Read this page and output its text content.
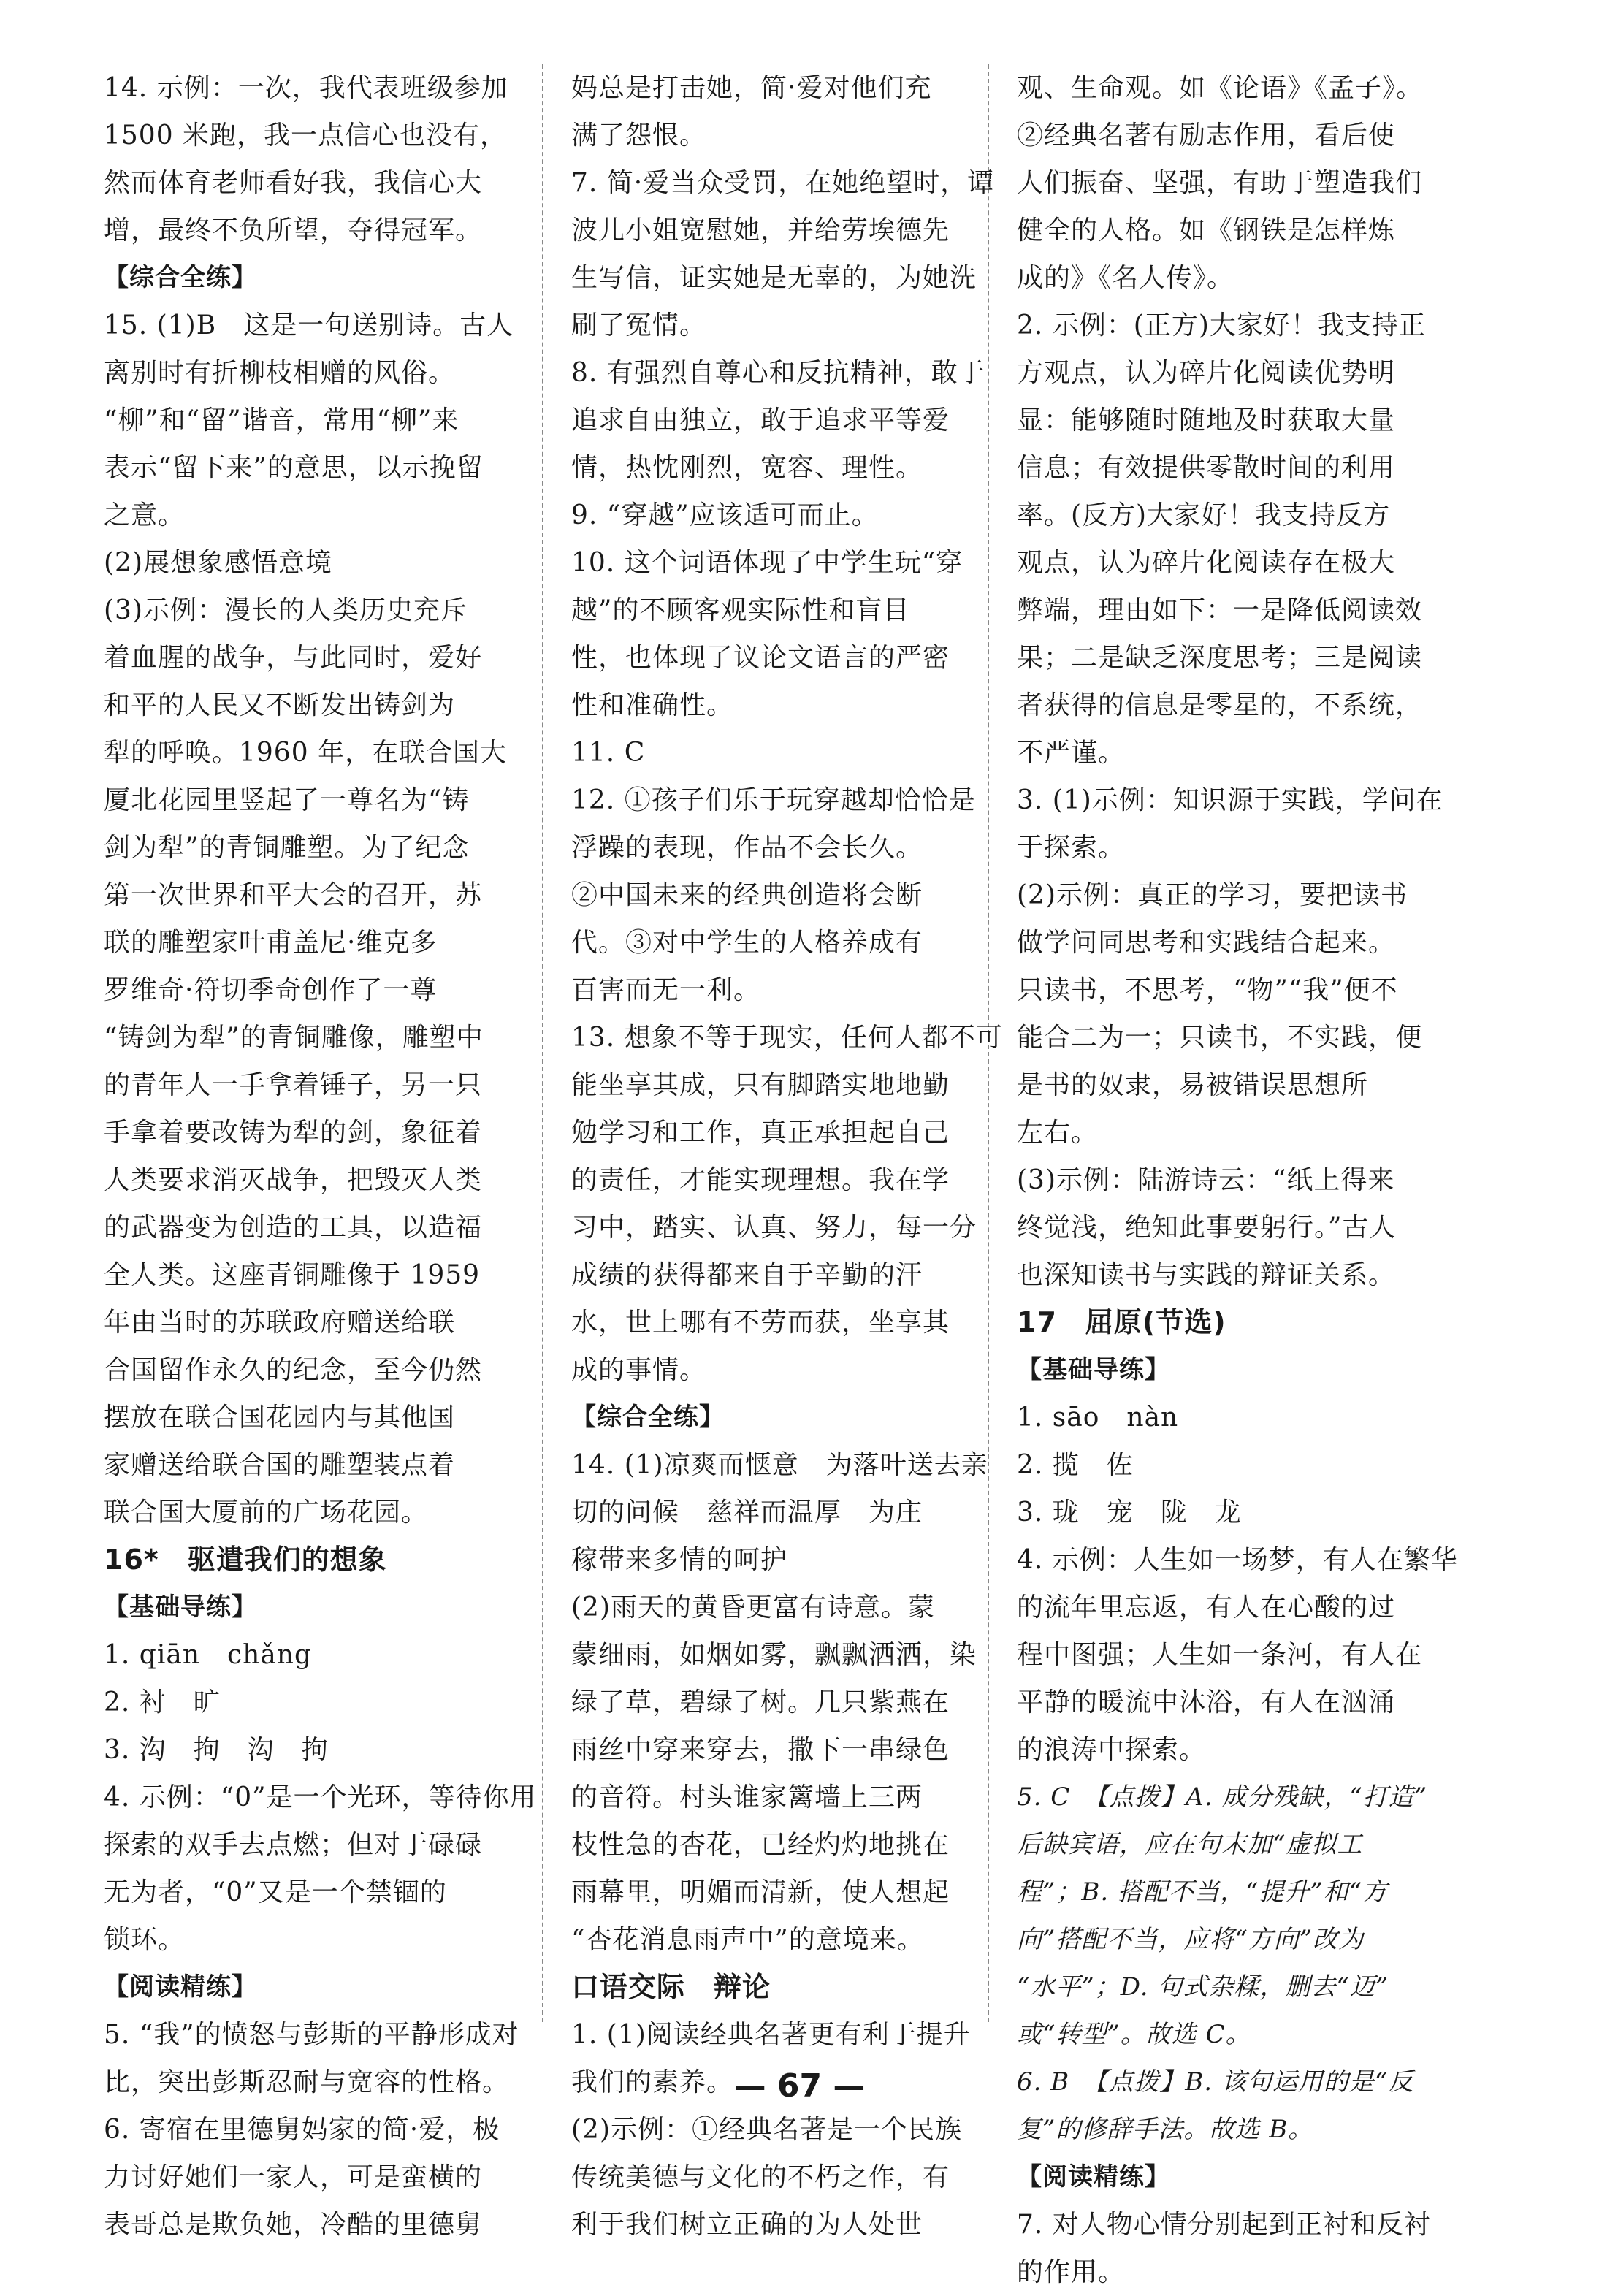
14. 示例：一次，我代表班级参加
1500 米跑，我一点信心也没有，
然而体育老师看好我，我信心大
增，最终不负所望，夺得冠军。
【综合全练】
15. (1)B　这是一句送别诗。古人
离别时有折柳枝相赠的风俗。
“柳”和“留”谐音，常用“柳”来
表示“留下来”的意思，以示挽留
之意。
(2)展想象感悟意境
(3)示例：漫长的人类历史充斥
着血腥的战争，与此同时，爱好
和平的人民又不断发出铸剑为
犁的呼唤。1960 年，在联合国大
厦北花园里竖起了一尊名为“铸
剑为犁”的青铜雕塑。为了纪念
第一次世界和平大会的召开，苏
联的雕塑家叶甫盖尼·维克多
罗维奇·符切季奇创作了一尊
“铸剑为犁”的青铜雕像，雕塑中
的青年人一手拿着锤子，另一只
手拿着要改铸为犁的剑，象征着
人类要求消灭战争，把毁灭人类
的武器变为创造的工具，以造福
全人类。这座青铜雕像于 1959
年由当时的苏联政府赠送给联
合国留作永久的纪念，至今仍然
摆放在联合国花园内与其他国
家赠送给联合国的雕塑装点着
联合国大厦前的广场花园。
16*　驱遣我们的想象
【基础导练】
1. qiān　chǎng
2. 衬　旷
3. 沟　拘　沟　拘
4. 示例：“0”是一个光环，等待你用
探索的双手去点燃；但对于碌碌
无为者，“0”又是一个禁锢的
锁环。
【阅读精练】
5. “我”的愤怒与彭斯的平静形成对
比，突出彭斯忍耐与宽容的性格。
6. 寄宿在里德舅妈家的简·爱，极
力讨好她们一家人，可是蛮横的
表哥总是欺负她，冷酷的里德舅
妈总是打击她，简·爱对他们充
满了怨恨。
7. 简·爱当众受罚，在她绝望时，谭
波儿小姐宽慰她，并给劳埃德先
生写信，证实她是无辜的，为她洗
刷了冤情。
8. 有强烈自尊心和反抗精神，敢于
追求自由独立，敢于追求平等爱
情，热忱刚烈，宽容、理性。
9. “穿越”应该适可而止。
10. 这个词语体现了中学生玩“穿
越”的不顾客观实际性和盲目
性，也体现了议论文语言的严密
性和准确性。
11. C
12. ①孩子们乐于玩穿越却恰恰是
浮躁的表现，作品不会长久。
②中国未来的经典创造将会断
代。③对中学生的人格养成有
百害而无一利。
13. 想象不等于现实，任何人都不可
能坐享其成，只有脚踏实地地勤
勉学习和工作，真正承担起自己
的责任，才能实现理想。我在学
习中，踏实、认真、努力，每一分
成绩的获得都来自于辛勤的汗
水，世上哪有不劳而获，坐享其
成的事情。
【综合全练】
14. (1)凉爽而惬意　为落叶送去亲
切的问候　慈祥而温厚　为庄
稼带来多情的呵护
(2)雨天的黄昏更富有诗意。蒙
蒙细雨，如烟如雾，飘飘洒洒，染
绿了草，碧绿了树。几只紫燕在
雨丝中穿来穿去，撒下一串绿色
的音符。村头谁家篱墙上三两
枝性急的杏花，已经灼灼地挑在
雨幕里，明媚而清新，使人想起
“杏花消息雨声中”的意境来。
口语交际　辩论
1. (1)阅读经典名著更有利于提升
我们的素养。
(2)示例：①经典名著是一个民族
传统美德与文化的不朽之作，有
利于我们树立正确的为人处世
观、生命观。如《论语》《孟子》。
②经典名著有励志作用，看后使
人们振奋、坚强，有助于塑造我们
健全的人格。如《钢铁是怎样炼
成的》《名人传》。
2. 示例：(正方)大家好！我支持正
方观点，认为碎片化阅读优势明
显：能够随时随地及时获取大量
信息；有效提供零散时间的利用
率。(反方)大家好！我支持反方
观点，认为碎片化阅读存在极大
弊端，理由如下：一是降低阅读效
果；二是缺乏深度思考；三是阅读
者获得的信息是零星的，不系统，
不严谨。
3. (1)示例：知识源于实践，学问在
于探索。
(2)示例：真正的学习，要把读书
做学问同思考和实践结合起来。
只读书，不思考，“物”“我”便不
能合二为一；只读书，不实践，便
是书的奴隶，易被错误思想所
左右。
(3)示例：陆游诗云：“纸上得来
终觉浅，绝知此事要躬行。”古人
也深知读书与实践的辩证关系。
17　屈原(节选)
【基础导练】
1. sāo　nàn
2. 揽　佐
3. 珑　宠　陇　龙
4. 示例：人生如一场梦，有人在繁华
的流年里忘返，有人在心酸的过
程中图强；人生如一条河，有人在
平静的暖流中沐浴，有人在汹涌
的浪涛中探索。
5. C　【点拨】A. 成分残缺，“打造”
后缺宾语，应在句末加“虚拟工
程”；B. 搭配不当，“提升”和“方
向”搭配不当，应将“方向”改为
“水平”；D. 句式杂糅，删去“迈”
或“转型”。故选 C。
6. B　【点拨】B. 该句运用的是“反
复”的修辞手法。故选 B。
【阅读精练】
7. 对人物心情分别起到正衬和反衬
的作用。
— 67 —
